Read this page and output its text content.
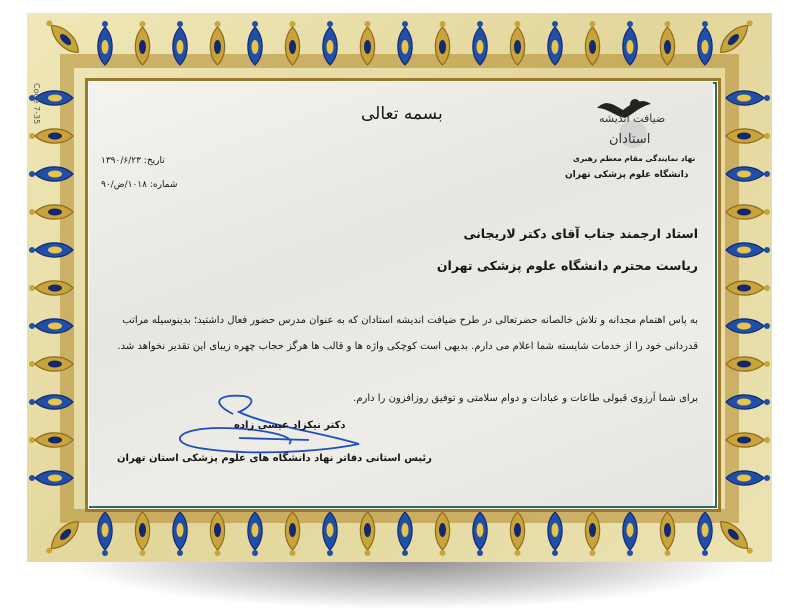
Code 7-35	بسمه تعالی	ضیافت اندیشه
استادان
نهاد نمایندگی مقام معظم رهبری
دانشگاه علوم پزشکی تهران
تاریخ: ۱۳۹۰/۶/۲۳
شماره: ۱۰۱۸/ض/۹۰
استاد ارجمند جناب آقای دکتر لاریجانی
ریاست محترم دانشگاه علوم پزشکی تهران
به پاس اهتمام مجدانه و تلاش خالصانه حضرتعالی در طرح ضیافت اندیشه استادان که به عنوان مدرس حضور فعال داشتید؛ بدینوسیله مراتب
قدردانی خود را از خدمات شایسته شما اعلام می دارم. بدیهی است کوچکی واژه ها و قالب ها هرگز حجاب چهره زیبای این تقدیر نخواهد شد.
برای شما آرزوی قبولی طاعات و عبادات و دوام سلامتی و توفیق روزافزون را دارم.
دکتر نیکزاد عیسی زاده
رئیس استانی دفاتر نهاد دانشگاه های علوم پزشکی استان تهران
